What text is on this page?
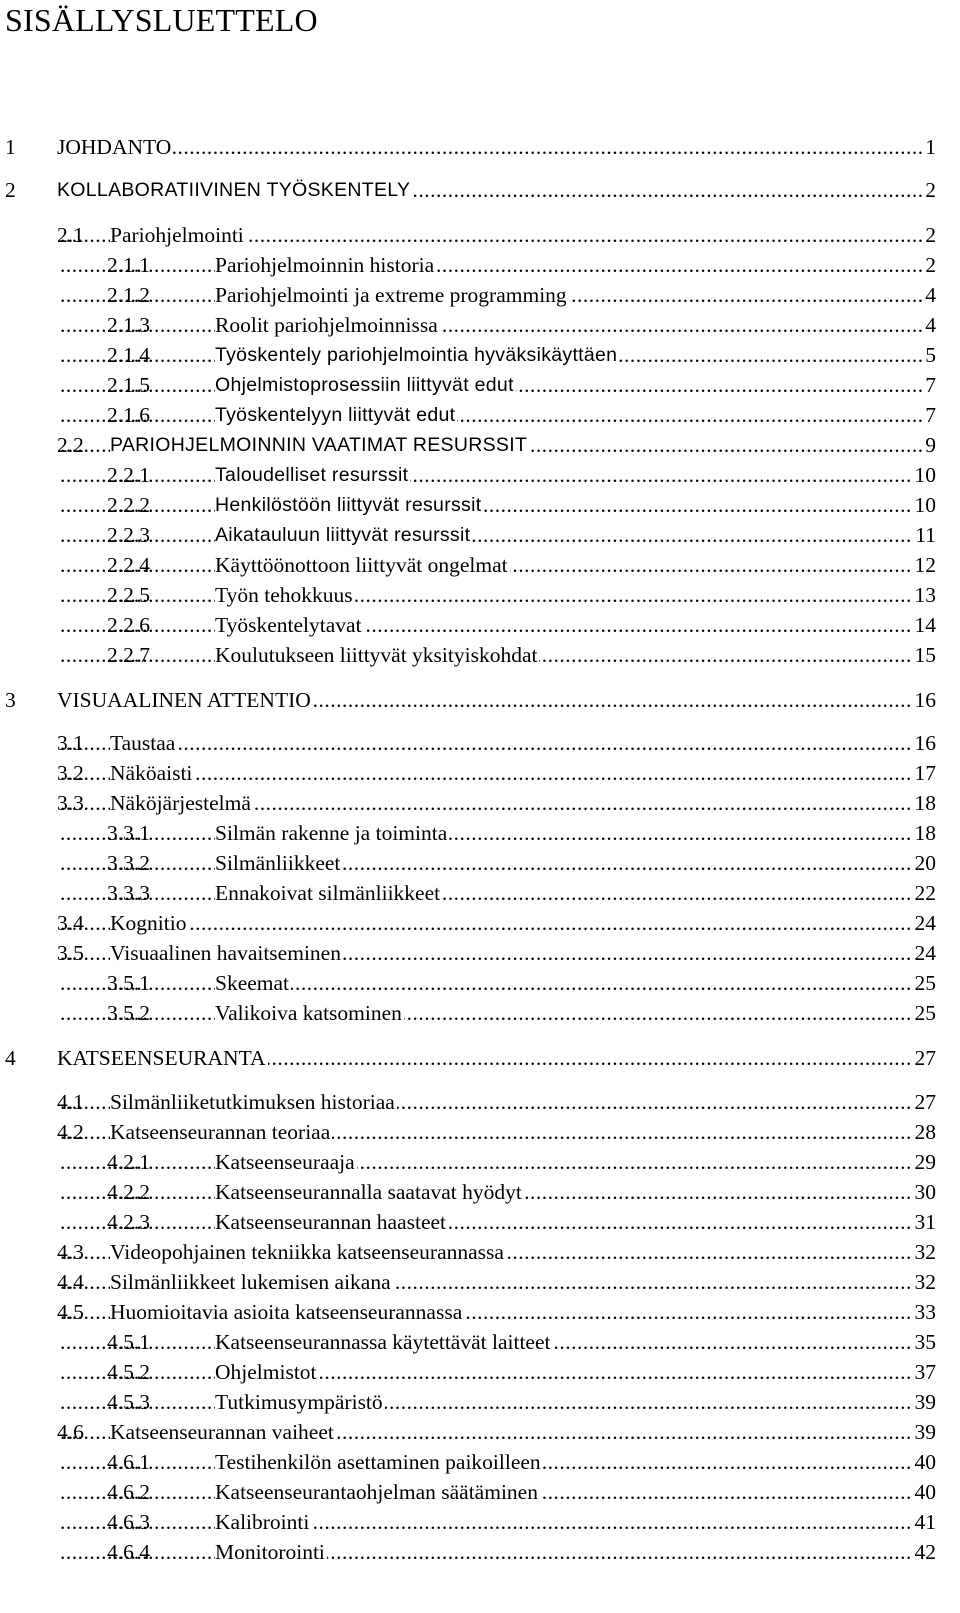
SISÄLLYSLUETTELO
1 ..... JOHDANTO	1
2 ..... KOLLABORATIIVINEN TYÖSKENTELY	2
2.1 ..... Pariohjelmointi	2
2.1.1 .....	Pariohjelmoinnin historia	2
2.1.2 .....	Pariohjelmointi ja extreme programming	4
2.1.3 .....	Roolit pariohjelmoinnissa	4
2.1.4 .....	Työskentely pariohjelmointia hyväksikäyttäen	5
2.1.5 .....	Ohjelmistoprosessiin liittyvät edut	7
2.1.6 .....	Työskentelyyn liittyvät edut	7
2.2 ..... PARIOHJELMOINNIN VAATIMAT RESURSSIT	9
2.2.1 .....	Taloudelliset resurssit	10
2.2.2 .....	Henkilöstöön liittyvät resurssit	10
2.2.3 .....	Aikatauluun liittyvät resurssit	11
2.2.4 .....	Käyttöönottoon liittyvät ongelmat	12
2.2.5 .....	Työn tehokkuus	13
2.2.6 .....	Työskentelytavat	14
2.2.7 .....	Koulutukseen liittyvät yksityiskohdat	15
3 ..... VISUAALINEN ATTENTIO	16
3.1 ..... Taustaa	16
3.2 ..... Näköaisti	17
3.3 ..... Näköjärjestelmä	18
3.3.1 .....	Silmän rakenne ja toiminta	18
3.3.2 .....	Silmänliikkeet	20
3.3.3 .....	Ennakoivat silmänliikkeet	22
3.4 ..... Kognitio	24
3.5 ..... Visuaalinen havaitseminen	24
3.5.1 .....	Skeemat	25
3.5.2 .....	Valikoiva katsominen	25
4 ..... KATSEENSEURANTA	27
4.1 ..... Silmänliiketutkimuksen historiaa	27
4.2 ..... Katseenseurannan teoriaa	28
4.2.1 .....	Katseenseuraaja	29
4.2.2 .....	Katseenseurannalla saatavat hyödyt	30
4.2.3 .....	Katseenseurannan haasteet	31
4.3 ..... Videopohjainen tekniikka katseenseurannassa	32
4.4 ..... Silmänliikkeet lukemisen aikana	32
4.5 ..... Huomioitavia asioita katseenseurannassa	33
4.5.1 .....	Katseenseurannassa käytettävät laitteet	35
4.5.2 .....	Ohjelmistot	37
4.5.3 .....	Tutkimusympäristö	39
4.6 ..... Katseenseurannan vaiheet	39
4.6.1 .....	Testihenkilön asettaminen paikoilleen	40
4.6.2 .....	Katseenseurantaohjelman säätäminen	40
4.6.3 .....	Kalibrointi	41
4.6.4 .....	Monitorointi	42
